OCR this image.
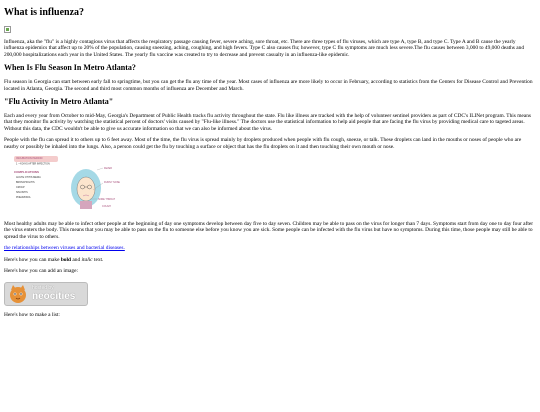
What is influenza?

Influenza, aka the "flu" is a highly contagious virus that affects the respiratory passage causing fever, severe aching, sore throat, etc. There are three types of flu viruses, which are type A, type B, and type C. Type A and B cause the yearly influenza epidemics that affect up to 20% of the population, causing sneezing, aching, coughing, and high fevers. Type C also causes flu; however, type C flu symptoms are much less severe.The flu causes between 3,000 to 49,000 deaths and 200,000 hospitalizations each year in the United States. The yearly flu vaccine was created to try to decrease and prevent casualty in an influenza-like epidemic.

When Is Flu Season In Metro Atlanta?

Flu season in Georgia can start between early fall to springtime, but you can get the flu any time of the year. Most cases of influenza are more likely to occur in February, according to statistics from the Centers for Disease Control and Prevention located in Atlanta, Georgia. The second and third most common months of influenza are December and March.

"Flu Activity In Metro Atlanta"

Each and every year from October to mid-May, Georgia's Department of Public Health tracks flu activity throughout the state. Flu like illness are tracked with the help of volunteer sentinel providers as part of CDC's ILINet program. This means that they monitor flu activity by watching the statistical percent of doctors' visits caused by "Flu-like illness." The doctors use the statistical information to help aid people that are facing the flu virus by providing medical care to tageted areas. Without this data, the CDC wouldn't be able to give us accurate information so that we can also be informed about the virus.

People with the flu can spread it to others up to 6 feet away. Most of the time, the flu virus is spread mainly by droplets produced when people with flu cough, sneeze, or talk. These droplets can land in the mouths or noses of people who are nearby or possibly be inhaled into the lungs. Also, a person could get the flu by touching a surface or object that has the flu droplets on it and then touching their own mouth or nose.

INCUBATION PERIOD
1 - 4 DAYS AFTER INFECTION
COMPLICATIONS
ACUTE OTITIS MEDIA
BRONCHIOLITIS
CROUP
SINUSITIS
PNEUMONIA
FEVER
RUNNY NOSE
SORE THROAT
COUGH

Most healthy adults may be able to infect other people at the beginning of day one symptoms develop between day five to day seven. Children may be able to pass on the virus for longer than 7 days. Symptoms start from day one to day four after the virus enters the body. This means that you may be able to pass on the flu to someone else before you know you are sick. Some people can be infected with the flu virus but have no symptoms. During this time, those people may still be able to spread the virus to others.

the relationships between viruses and bacterial diseases.

Here's how you can make bold and italic text.

Here's how you can add an image:

hosted by
neocities

Here's how to make a list:
